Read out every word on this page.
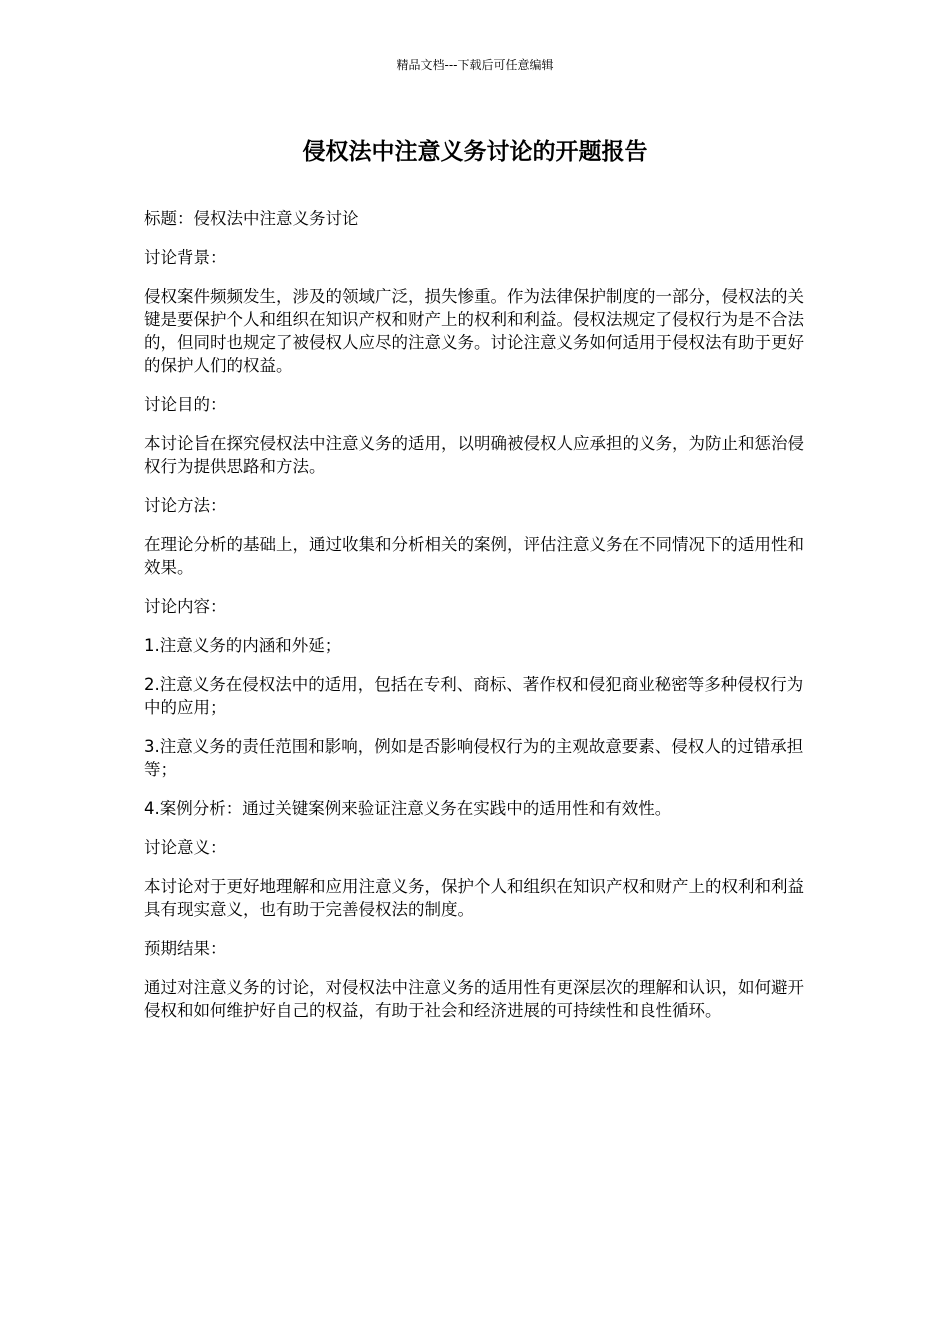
精品文档---下载后可任意编辑
侵权法中注意义务讨论的开题报告

标题：侵权法中注意义务讨论

讨论背景：

侵权案件频频发生，涉及的领域广泛，损失惨重。作为法律保护制度的一部分，侵权法的关键是要保护个人和组织在知识产权和财产上的权利和利益。侵权法规定了侵权行为是不合法的，但同时也规定了被侵权人应尽的注意义务。讨论注意义务如何适用于侵权法有助于更好的保护人们的权益。

讨论目的：

本讨论旨在探究侵权法中注意义务的适用，以明确被侵权人应承担的义务，为防止和惩治侵权行为提供思路和方法。

讨论方法：

在理论分析的基础上，通过收集和分析相关的案例，评估注意义务在不同情况下的适用性和效果。

讨论内容：

1.注意义务的内涵和外延；

2.注意义务在侵权法中的适用，包括在专利、商标、著作权和侵犯商业秘密等多种侵权行为中的应用；

3.注意义务的责任范围和影响，例如是否影响侵权行为的主观故意要素、侵权人的过错承担等；

4.案例分析：通过关键案例来验证注意义务在实践中的适用性和有效性。

讨论意义：

本讨论对于更好地理解和应用注意义务，保护个人和组织在知识产权和财产上的权利和利益具有现实意义，也有助于完善侵权法的制度。

预期结果：

通过对注意义务的讨论，对侵权法中注意义务的适用性有更深层次的理解和认识，如何避开侵权和如何维护好自己的权益，有助于社会和经济进展的可持续性和良性循环。
